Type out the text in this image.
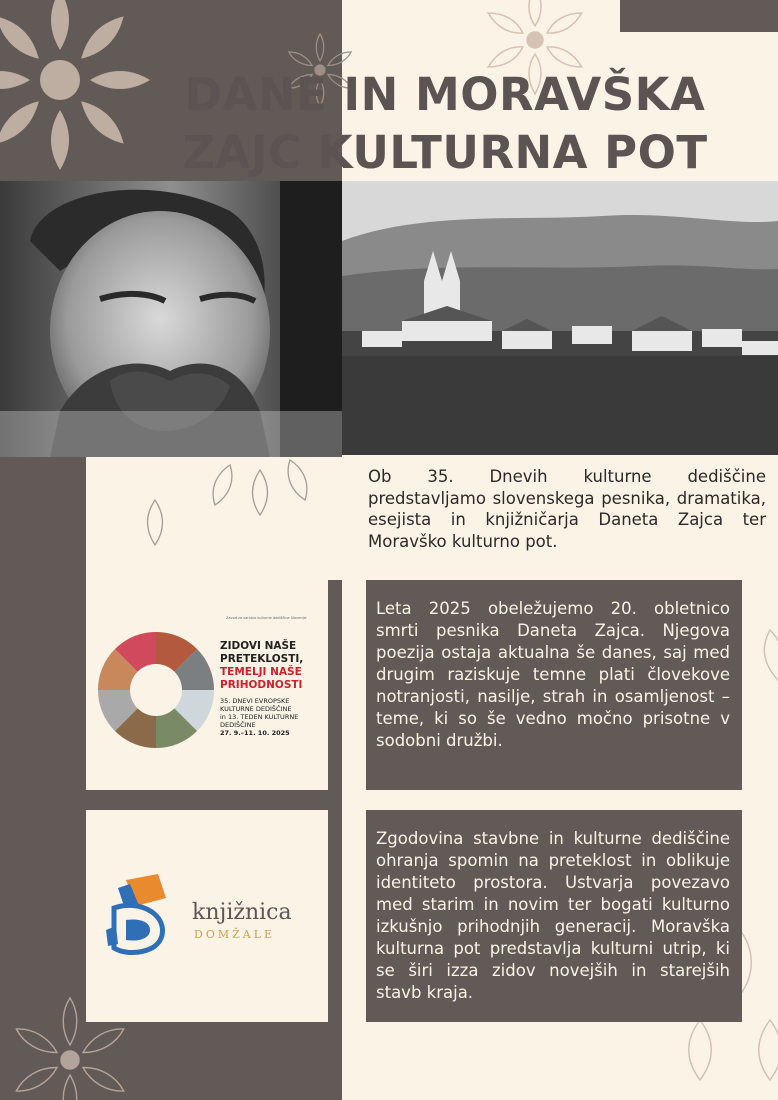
DANE IN MORAVŠKA
ZAJC KULTURNA POT

Ob 35. Dnevih kulturne dediščine predstavljamo slovenskega pesnika, dramatika, esejista in knjižničarja Daneta Zajca ter Moravško kulturno pot.

Zavod za varstvo kulturne dediščine Slovenije
ZIDOVI NAŠE
PRETEKLOSTI,
TEMELJI NAŠE
PRIHODNOSTI
35. DNEVI EVROPSKE
KULTURNE DEDIŠČINE
in 13. TEDEN KULTURNE
DEDIŠČINE
27. 9.–11. 10. 2025
Leta 2025 obeležujemo 20. obletnico smrti pesnika Daneta Zajca. Njegova poezija ostaja aktualna še danes, saj med drugim raziskuje temne plati človekove notranjosti, nasilje, strah in osamljenost – teme, ki so še vedno močno prisotne v sodobni družbi.
knjižnica
DOMŽALE
Zgodovina stavbne in kulturne dediščine ohranja spomin na preteklost in oblikuje identiteto prostora. Ustvarja povezavo med starim in novim ter bogati kulturno izkušnjo prihodnjih generacij. Moravška kulturna pot predstavlja kulturni utrip, ki se širi izza zidov novejših in starejših stavb kraja.
